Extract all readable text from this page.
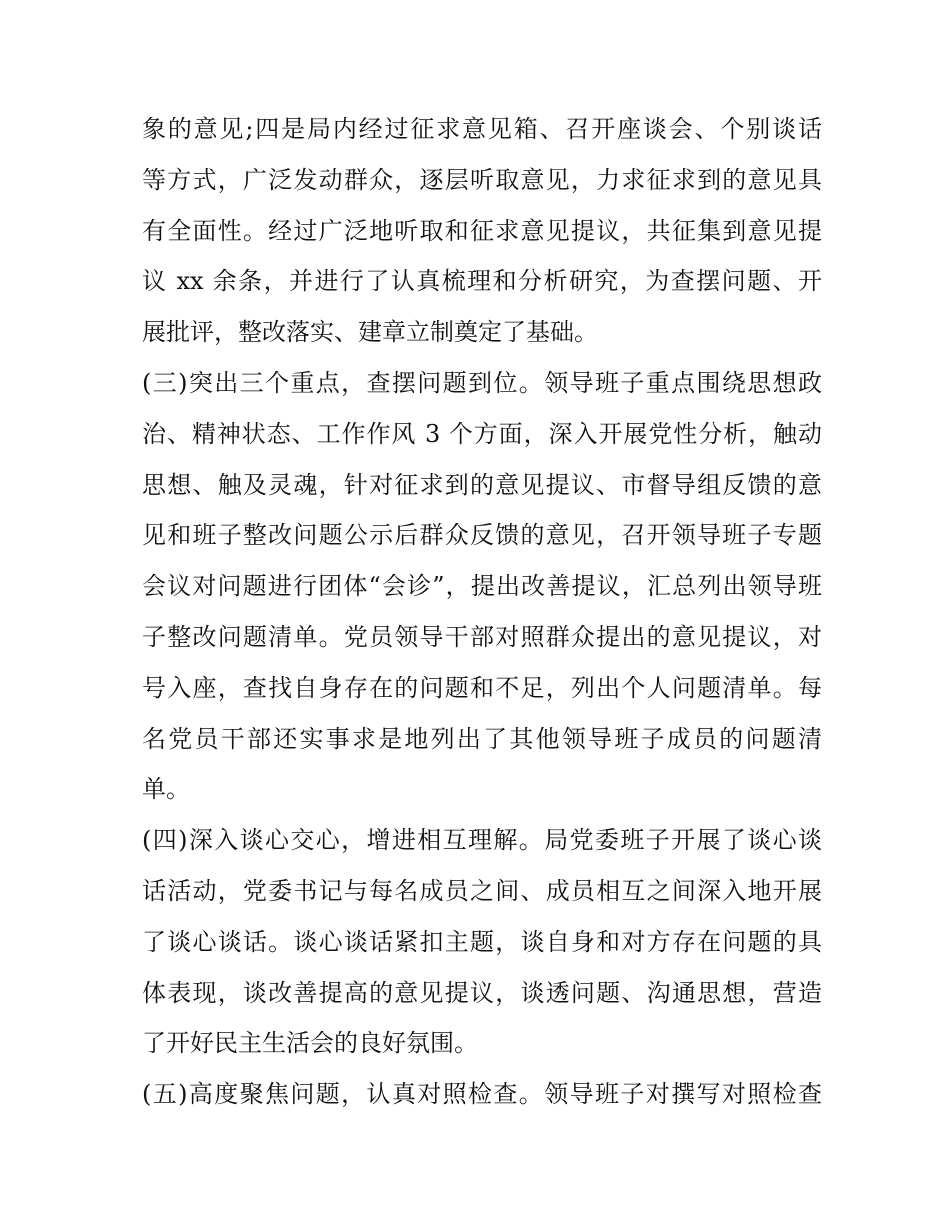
象的意见;四是局内经过征求意见箱、召开座谈会、个别谈话
等方式，广泛发动群众，逐层听取意见，力求征求到的意见具
有全面性。经过广泛地听取和征求意见提议，共征集到意见提
议 xx 余条，并进行了认真梳理和分析研究，为查摆问题、开
展批评，整改落实、建章立制奠定了基础。
(三)突出三个重点，查摆问题到位。领导班子重点围绕思想政
治、精神状态、工作作风 3 个方面，深入开展党性分析，触动
思想、触及灵魂，针对征求到的意见提议、市督导组反馈的意
见和班子整改问题公示后群众反馈的意见，召开领导班子专题
会议对问题进行团体“会诊”，提出改善提议，汇总列出领导班
子整改问题清单。党员领导干部对照群众提出的意见提议，对
号入座，查找自身存在的问题和不足，列出个人问题清单。每
名党员干部还实事求是地列出了其他领导班子成员的问题清
单。
(四)深入谈心交心，增进相互理解。局党委班子开展了谈心谈
话活动，党委书记与每名成员之间、成员相互之间深入地开展
了谈心谈话。谈心谈话紧扣主题，谈自身和对方存在问题的具
体表现，谈改善提高的意见提议，谈透问题、沟通思想，营造
了开好民主生活会的良好氛围。
(五)高度聚焦问题，认真对照检查。领导班子对撰写对照检查
